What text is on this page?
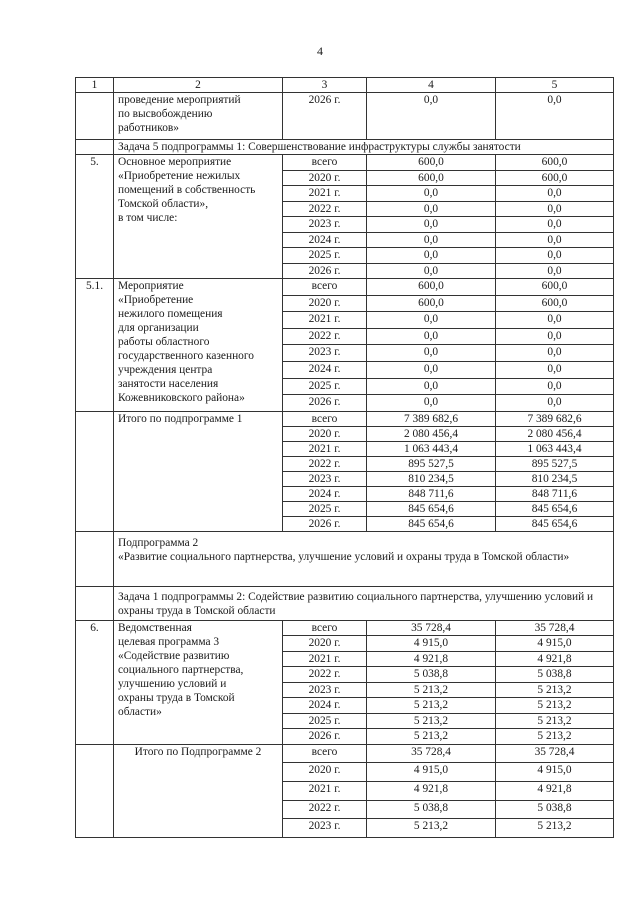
4
1	2	3	4	5

	проведение мероприятий
по высвобождению
работников»	2026 г.	0,0	0,0
	Задача 5 подпрограммы 1: Совершенствование инфраструктуры службы занятости			
5.	Основное мероприятие
«Приобретение нежилых
помещений в собственность
Томской области»,
в том числе:	всего	600,0	600,0
		2020 г.	600,0	600,0
		2021 г.	0,0	0,0
		2022 г.	0,0	0,0
		2023 г.	0,0	0,0
		2024 г.	0,0	0,0
		2025 г.	0,0	0,0
		2026 г.	0,0	0,0
5.1.	Мероприятие
«Приобретение
нежилого помещения
для организации
работы областного
государственного казенного
учреждения центра
занятости населения
Кожевниковского района»
	всего	600,0	600,0
		2020 г.	600,0	600,0
		2021 г.	0,0	0,0
		2022 г.	0,0	0,0
		2023 г.	0,0	0,0
		2024 г.	0,0	0,0
		2025 г.	0,0	0,0
		2026 г.	0,0	0,0
	Итого по подпрограмме 1	всего	7 389 682,6	7 389 682,6
		2020 г.	2 080 456,4	2 080 456,4
		2021 г.	1 063 443,4	1 063 443,4
		2022 г.	895 527,5	895 527,5
		2023 г.	810 234,5	810 234,5
		2024 г.	848 711,6	848 711,6
		2025 г.	845 654,6	845 654,6
		2026 г.	845 654,6	845 654,6

	Подпрограмма 2
«Развитие социального партнерства, улучшение условий и охраны труда в Томской области»			

	Задача 1 подпрограммы 2: Содействие развитию социального партнерства, улучшению условий и охраны труда в Томской области			
6.	Ведомственная
целевая программа 3
«Содействие развитию
социального партнерства,
улучшению условий и
охраны труда в Томской
области»
	всего	35 728,4	35 728,4
		2020 г.	4 915,0	4 915,0
		2021 г.	4 921,8	4 921,8
		2022 г.	5 038,8	5 038,8
		2023 г.	5 213,2	5 213,2
		2024 г.	5 213,2	5 213,2
		2025 г.	5 213,2	5 213,2
		2026 г.	5 213,2	5 213,2
	Итого по Подпрограмме 2	всего	35 728,4	35 728,4
		2020 г.	4 915,0	4 915,0
		2021 г.	4 921,8	4 921,8
		2022 г.	5 038,8	5 038,8
		2023 г.	5 213,2	5 213,2
